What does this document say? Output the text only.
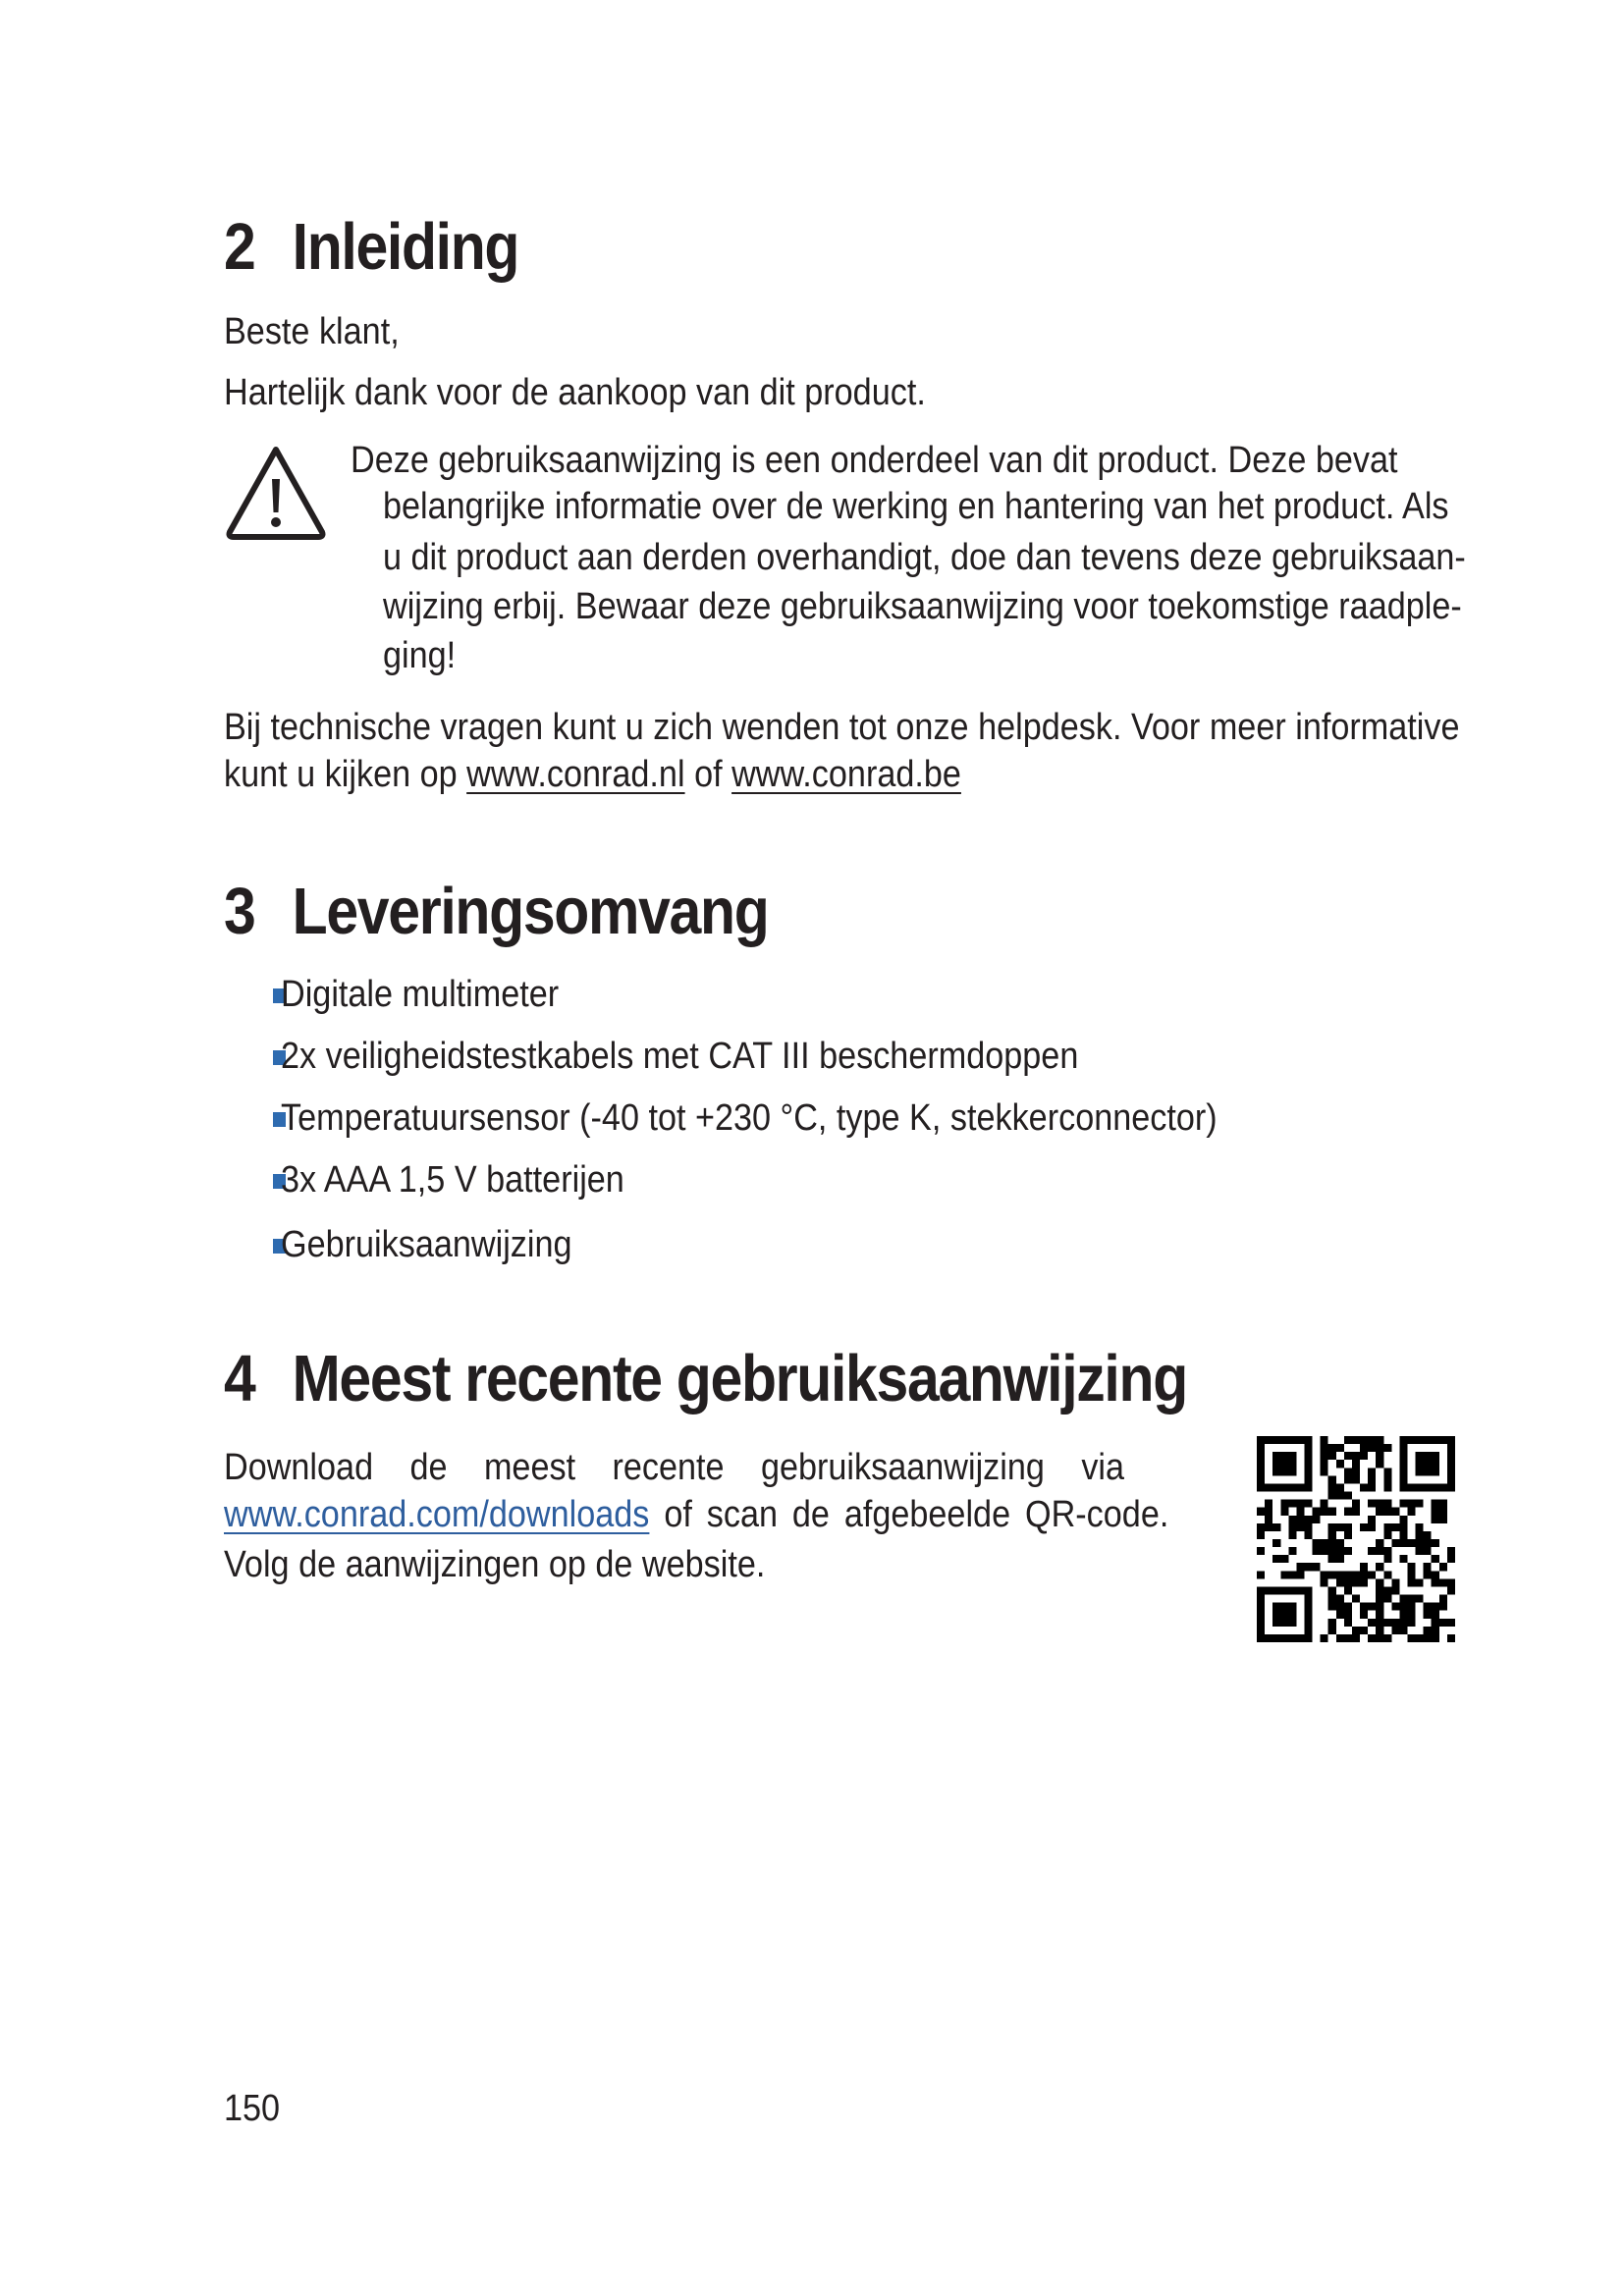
2 Inleiding

Beste klant,

Hartelijk dank voor de aankoop van dit product.

Deze gebruiksaanwijzing is een onderdeel van dit product. Deze bevat

belangrijke informatie over de werking en hantering van het product. Als

u dit product aan derden overhandigt, doe dan tevens deze gebruiksaan-

wijzing erbij. Bewaar deze gebruiksaanwijzing voor toekomstige raadple-

ging!

Bij technische vragen kunt u zich wenden tot onze helpdesk. Voor meer informative

kunt u kijken op www.conrad.nl of www.conrad.be

3 Leveringsomvang
Digitale multimeter
2x veiligheidstestkabels met CAT III beschermdoppen
Temperatuursensor (-40 tot +230 °C, type K, stekkerconnector)
3x AAA 1,5 V batterijen
Gebruiksaanwijzing
4 Meest recente gebruiksaanwijzing

Download de meest recente gebruiksaanwijzing via

www.conrad.com/downloads of scan de afgebeelde QR-code.

Volg de aanwijzingen op de website.

150
